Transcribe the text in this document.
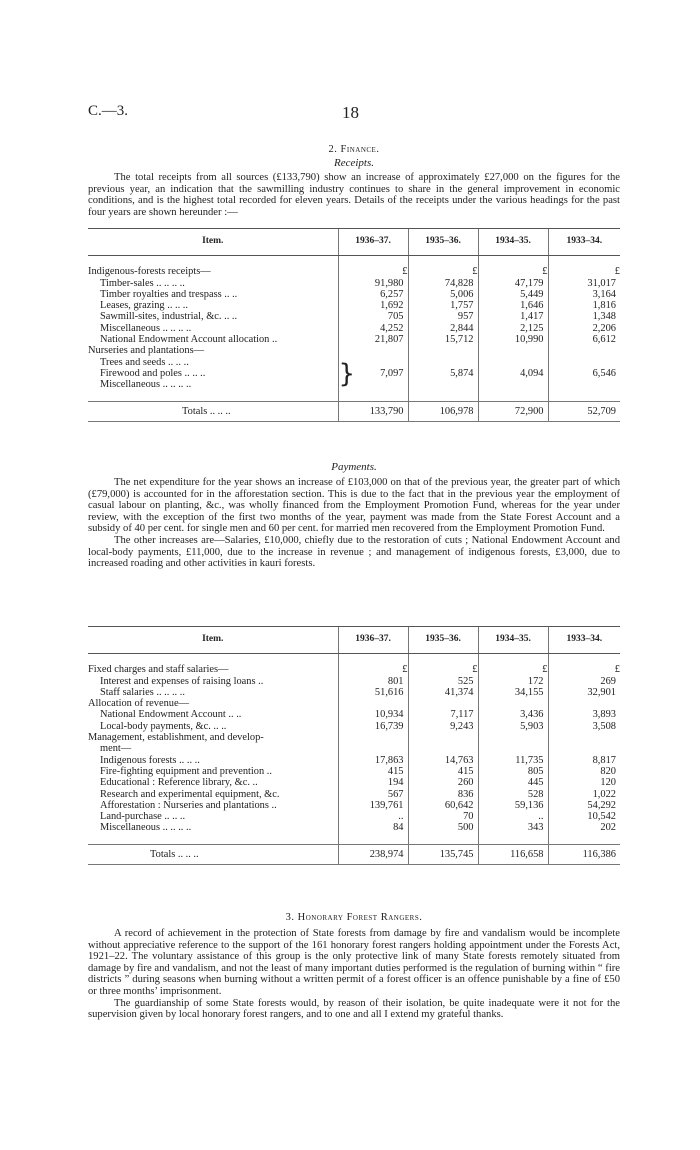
C.—3.	18
2. Finance.
Receipts.

The total receipts from all sources (£133,790) show an increase of approximately £27,000 on the figures for the previous year, an indication that the sawmilling industry continues to share in the general improvement in economic conditions, and is the highest total recorded for eleven years. Details of the receipts under the various headings for the past four years are shown hereunder :—

Item.	1936–37.	1935–36.	1934–35.	1933–34.

Indigenous-forests receipts—	£	£	£	£
Timber-sales .. .. .. ..	91,980	74,828	47,179	31,017
Timber royalties and trespass .. ..	6,257	5,006	5,449	3,164
Leases, grazing .. .. ..	1,692	1,757	1,646	1,816
Sawmill-sites, industrial, &c. .. ..	705	957	1,417	1,348
Miscellaneous .. .. .. ..	4,252	2,844	2,125	2,206
National Endowment Account allocation ..	21,807	15,712	10,990	6,612
Nurseries and plantations—				
Trees and seeds .. .. ..	} 7,097	5,874	4,094	6,546
Firewood and poles .. .. ..				
Miscellaneous .. .. .. ..				

Totals .. .. ..	133,790	106,978	72,900	52,709
Payments.

The net expenditure for the year shows an increase of £103,000 on that of the previous year, the greater part of which (£79,000) is accounted for in the afforestation section. This is due to the fact that in the previous year the employment of casual labour on planting, &c., was wholly financed from the Employment Promotion Fund, whereas for the year under review, with the exception of the first two months of the year, payment was made from the State Forest Account and a subsidy of 40 per cent. for single men and 60 per cent. for married men recovered from the Employment Promotion Fund.

The other increases are—Salaries, £10,000, chiefly due to the restoration of cuts ; National Endowment Account and local-body payments, £11,000, due to the increase in revenue ; and management of indigenous forests, £3,000, due to increased roading and other activities in kauri forests.

Item.	1936–37.	1935–36.	1934–35.	1933–34.

Fixed charges and staff salaries—	£	£	£	£
Interest and expenses of raising loans ..	801	525	172	269
Staff salaries .. .. .. ..	51,616	41,374	34,155	32,901
Allocation of revenue—				
National Endowment Account .. ..	10,934	7,117	3,436	3,893
Local-body payments, &c. .. ..	16,739	9,243	5,903	3,508
Management, establishment, and develop-				
ment—				
Indigenous forests .. .. ..	17,863	14,763	11,735	8,817
Fire-fighting equipment and prevention ..	415	415	805	820
Educational : Reference library, &c. ..	194	260	445	120
Research and experimental equipment, &c.	567	836	528	1,022
Afforestation : Nurseries and plantations ..	139,761	60,642	59,136	54,292
Land-purchase .. .. ..	..	70	..	10,542
Miscellaneous .. .. .. ..	84	500	343	202

Totals .. .. ..	238,974	135,745	116,658	116,386
3. Honorary Forest Rangers.

A record of achievement in the protection of State forests from damage by fire and vandalism would be incomplete without appreciative reference to the support of the 161 honorary forest rangers holding appointment under the Forests Act, 1921–22. The voluntary assistance of this group is the only protective link of many State forests remotely situated from damage by fire and vandalism, and not the least of many important duties performed is the regulation of burning within “ fire districts ” during seasons when burning without a written permit of a forest officer is an offence punishable by a fine of £50 or three months’ imprisonment.

The guardianship of some State forests would, by reason of their isolation, be quite inadequate were it not for the supervision given by local honorary forest rangers, and to one and all I extend my grateful thanks.
